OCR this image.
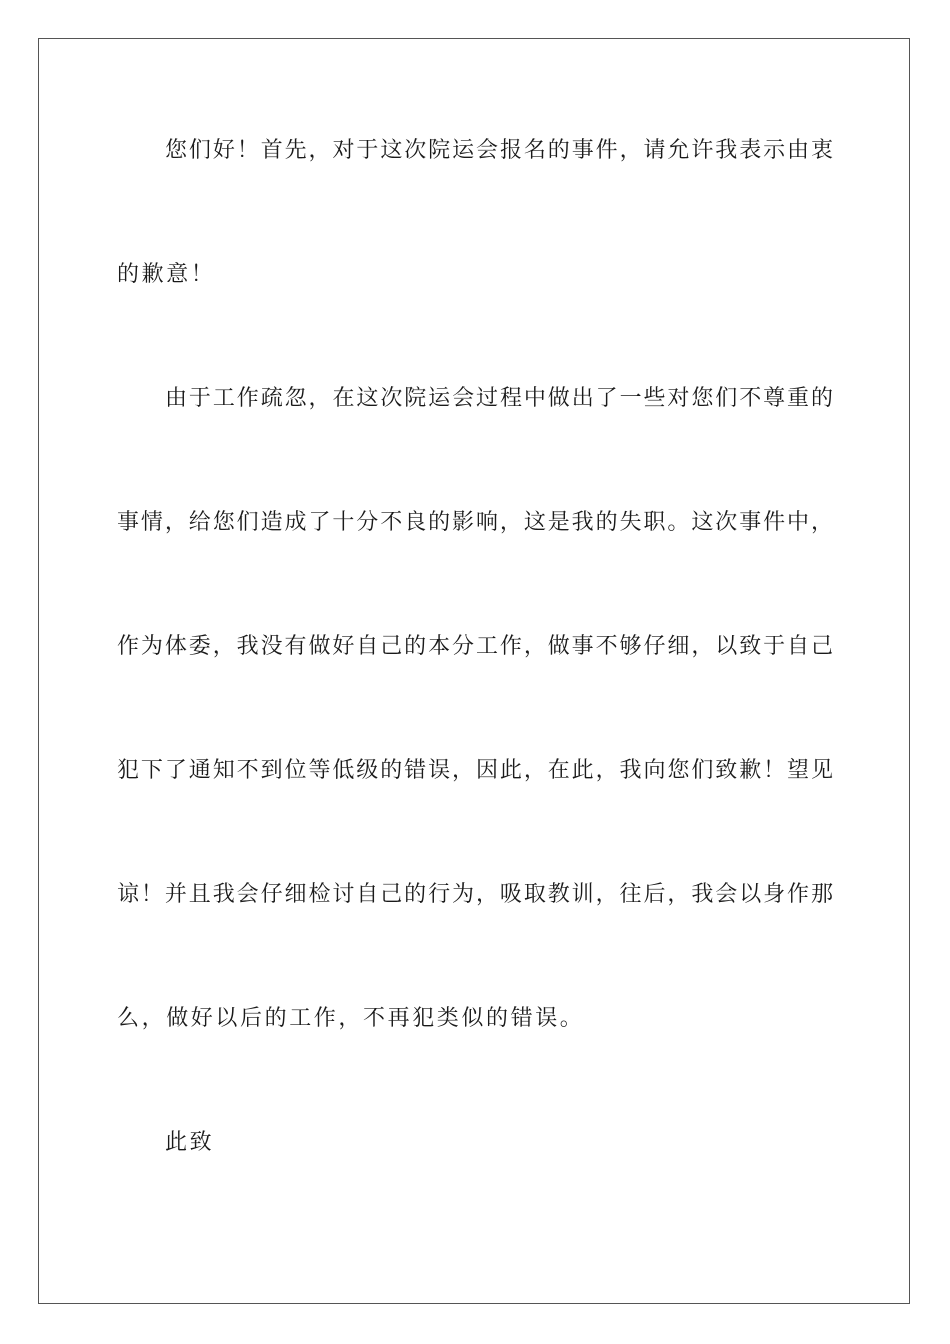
您们好！首先，对于这次院运会报名的事件，请允许我表示由衷
的歉意！
由于工作疏忽，在这次院运会过程中做出了一些对您们不尊重的
事情，给您们造成了十分不良的影响，这是我的失职。这次事件中，
作为体委，我没有做好自己的本分工作，做事不够仔细，以致于自己
犯下了通知不到位等低级的错误，因此，在此，我向您们致歉！望见
谅！并且我会仔细检讨自己的行为，吸取教训，往后，我会以身作那
么，做好以后的工作，不再犯类似的错误。
此致
